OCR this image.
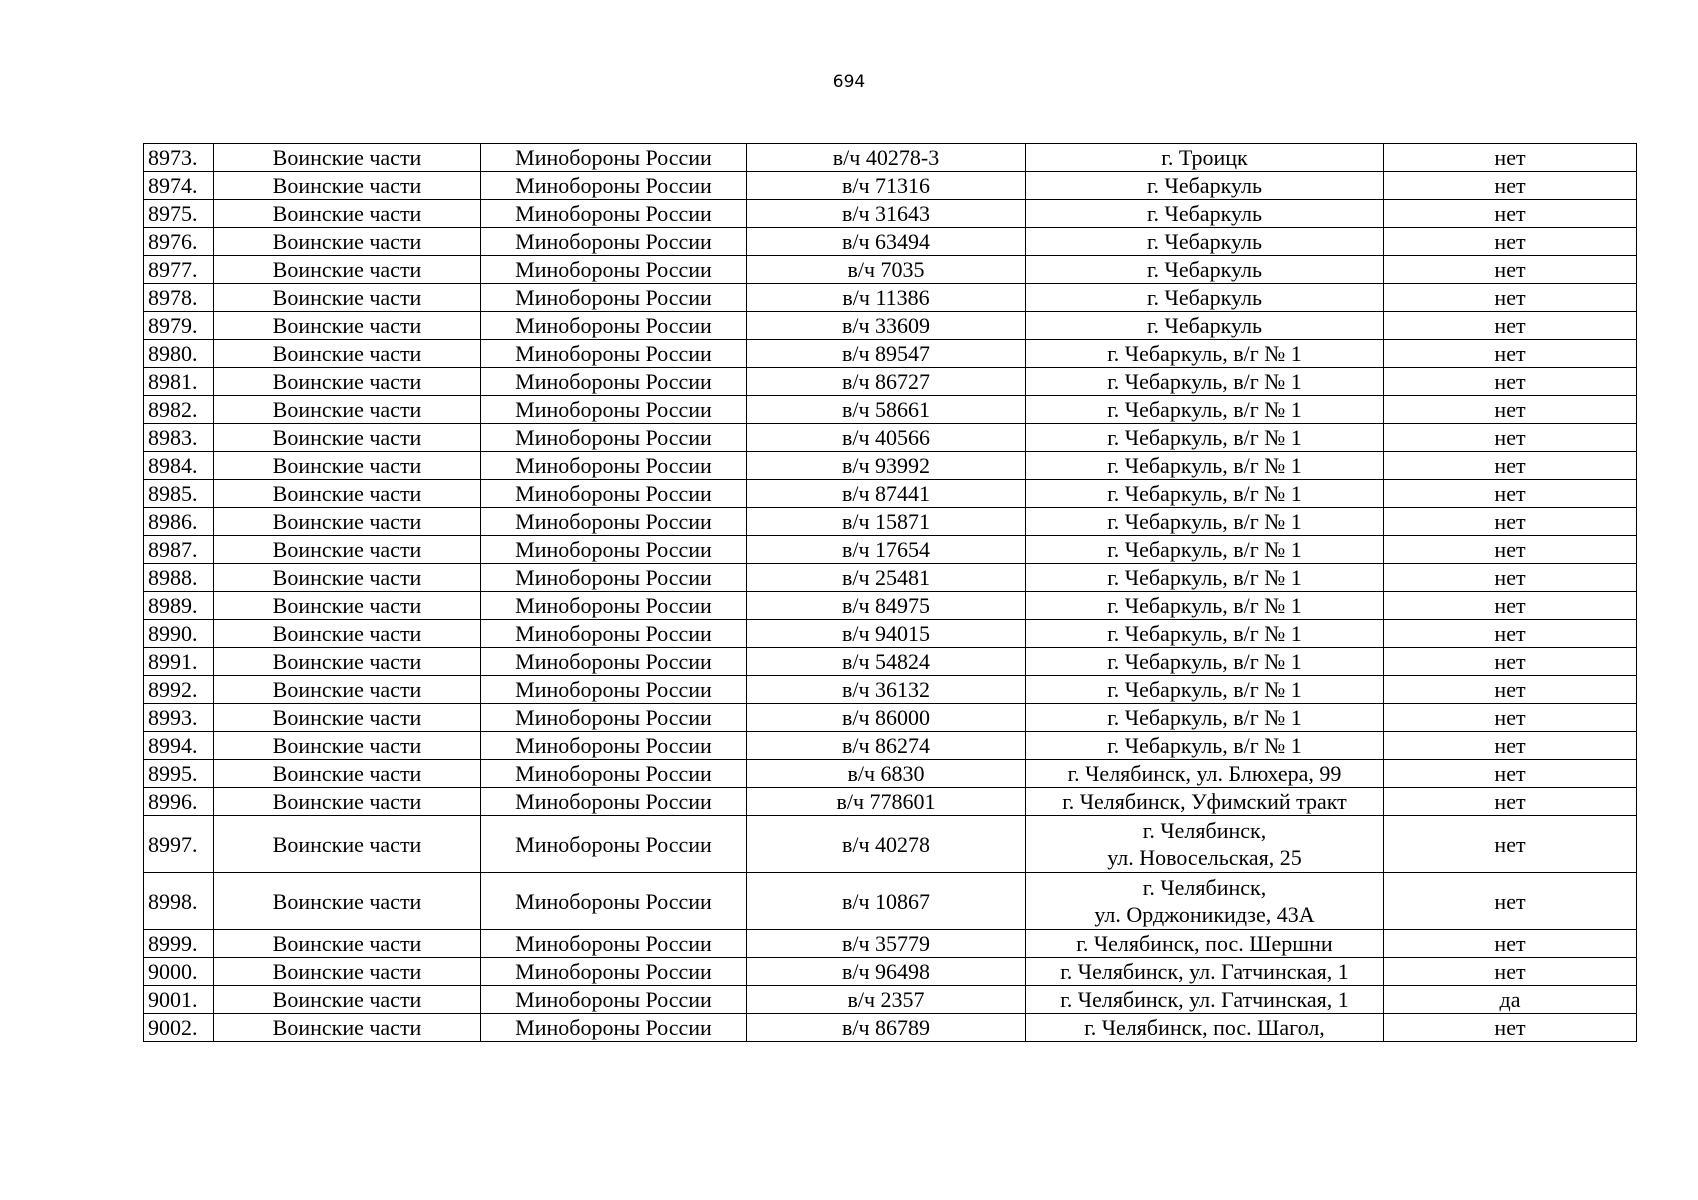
694
8973.	Воинские части	Минобороны России	в/ч 40278-3	г. Троицк	нет
8974.	Воинские части	Минобороны России	в/ч 71316	г. Чебаркуль	нет
8975.	Воинские части	Минобороны России	в/ч 31643	г. Чебаркуль	нет
8976.	Воинские части	Минобороны России	в/ч 63494	г. Чебаркуль	нет
8977.	Воинские части	Минобороны России	в/ч 7035	г. Чебаркуль	нет
8978.	Воинские части	Минобороны России	в/ч 11386	г. Чебаркуль	нет
8979.	Воинские части	Минобороны России	в/ч 33609	г. Чебаркуль	нет
8980.	Воинские части	Минобороны России	в/ч 89547	г. Чебаркуль, в/г № 1	нет
8981.	Воинские части	Минобороны России	в/ч 86727	г. Чебаркуль, в/г № 1	нет
8982.	Воинские части	Минобороны России	в/ч 58661	г. Чебаркуль, в/г № 1	нет
8983.	Воинские части	Минобороны России	в/ч 40566	г. Чебаркуль, в/г № 1	нет
8984.	Воинские части	Минобороны России	в/ч 93992	г. Чебаркуль, в/г № 1	нет
8985.	Воинские части	Минобороны России	в/ч 87441	г. Чебаркуль, в/г № 1	нет
8986.	Воинские части	Минобороны России	в/ч 15871	г. Чебаркуль, в/г № 1	нет
8987.	Воинские части	Минобороны России	в/ч 17654	г. Чебаркуль, в/г № 1	нет
8988.	Воинские части	Минобороны России	в/ч 25481	г. Чебаркуль, в/г № 1	нет
8989.	Воинские части	Минобороны России	в/ч 84975	г. Чебаркуль, в/г № 1	нет
8990.	Воинские части	Минобороны России	в/ч 94015	г. Чебаркуль, в/г № 1	нет
8991.	Воинские части	Минобороны России	в/ч 54824	г. Чебаркуль, в/г № 1	нет
8992.	Воинские части	Минобороны России	в/ч 36132	г. Чебаркуль, в/г № 1	нет
8993.	Воинские части	Минобороны России	в/ч 86000	г. Чебаркуль, в/г № 1	нет
8994.	Воинские части	Минобороны России	в/ч 86274	г. Чебаркуль, в/г № 1	нет
8995.	Воинские части	Минобороны России	в/ч 6830	г. Челябинск, ул. Блюхера, 99	нет
8996.	Воинские части	Минобороны России	в/ч 778601	г. Челябинск, Уфимский тракт	нет
8997.	Воинские части	Минобороны России	в/ч 40278	г. Челябинск,
ул. Новосельская, 25	нет
8998.	Воинские части	Минобороны России	в/ч 10867	г. Челябинск,
ул. Орджоникидзе, 43А	нет
8999.	Воинские части	Минобороны России	в/ч 35779	г. Челябинск, пос. Шершни	нет
9000.	Воинские части	Минобороны России	в/ч 96498	г. Челябинск, ул. Гатчинская, 1	нет
9001.	Воинские части	Минобороны России	в/ч 2357	г. Челябинск, ул. Гатчинская, 1	да
9002.	Воинские части	Минобороны России	в/ч 86789	г. Челябинск, пос. Шагол,	нет
